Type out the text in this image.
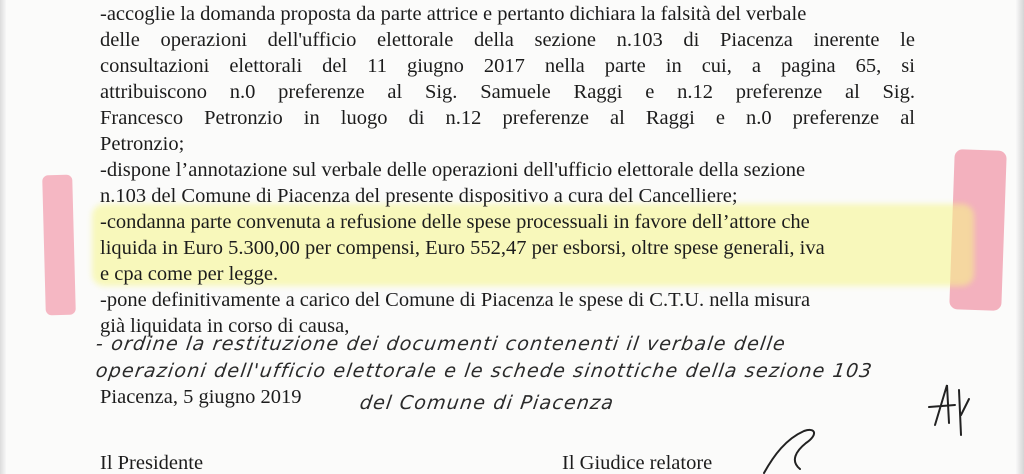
-accoglie la domanda proposta da parte attrice e pertanto dichiara la falsità del verbale
delle operazioni dell'ufficio elettorale della sezione n.103 di Piacenza inerente le
consultazioni elettorali del 11 giugno 2017 nella parte in cui, a pagina 65, si
attribuiscono n.0 preferenze al Sig. Samuele Raggi e n.12 preferenze al Sig.
Francesco Petronzio in luogo di n.12 preferenze al Raggi e n.0 preferenze al
Petronzio;
-dispone l’annotazione sul verbale delle operazioni dell'ufficio elettorale della sezione
n.103 del Comune di Piacenza del presente dispositivo a cura del Cancelliere;
-condanna parte convenuta a refusione delle spese processuali in favore dell’attore che
liquida in Euro 5.300,00 per compensi, Euro 552,47 per esborsi, oltre spese generali, iva
e cpa come per legge.
-pone definitivamente a carico del Comune di Piacenza le spese di C.T.U. nella misura
già liquidata in corso di causa,
- ordine la restituzione dei documenti contenenti il verbale delle
operazioni dell'ufficio elettorale e le schede sinottiche della sezione 103
del Comune di Piacenza
Piacenza, 5 giugno 2019
Il Presidente	Il Giudice relatore
